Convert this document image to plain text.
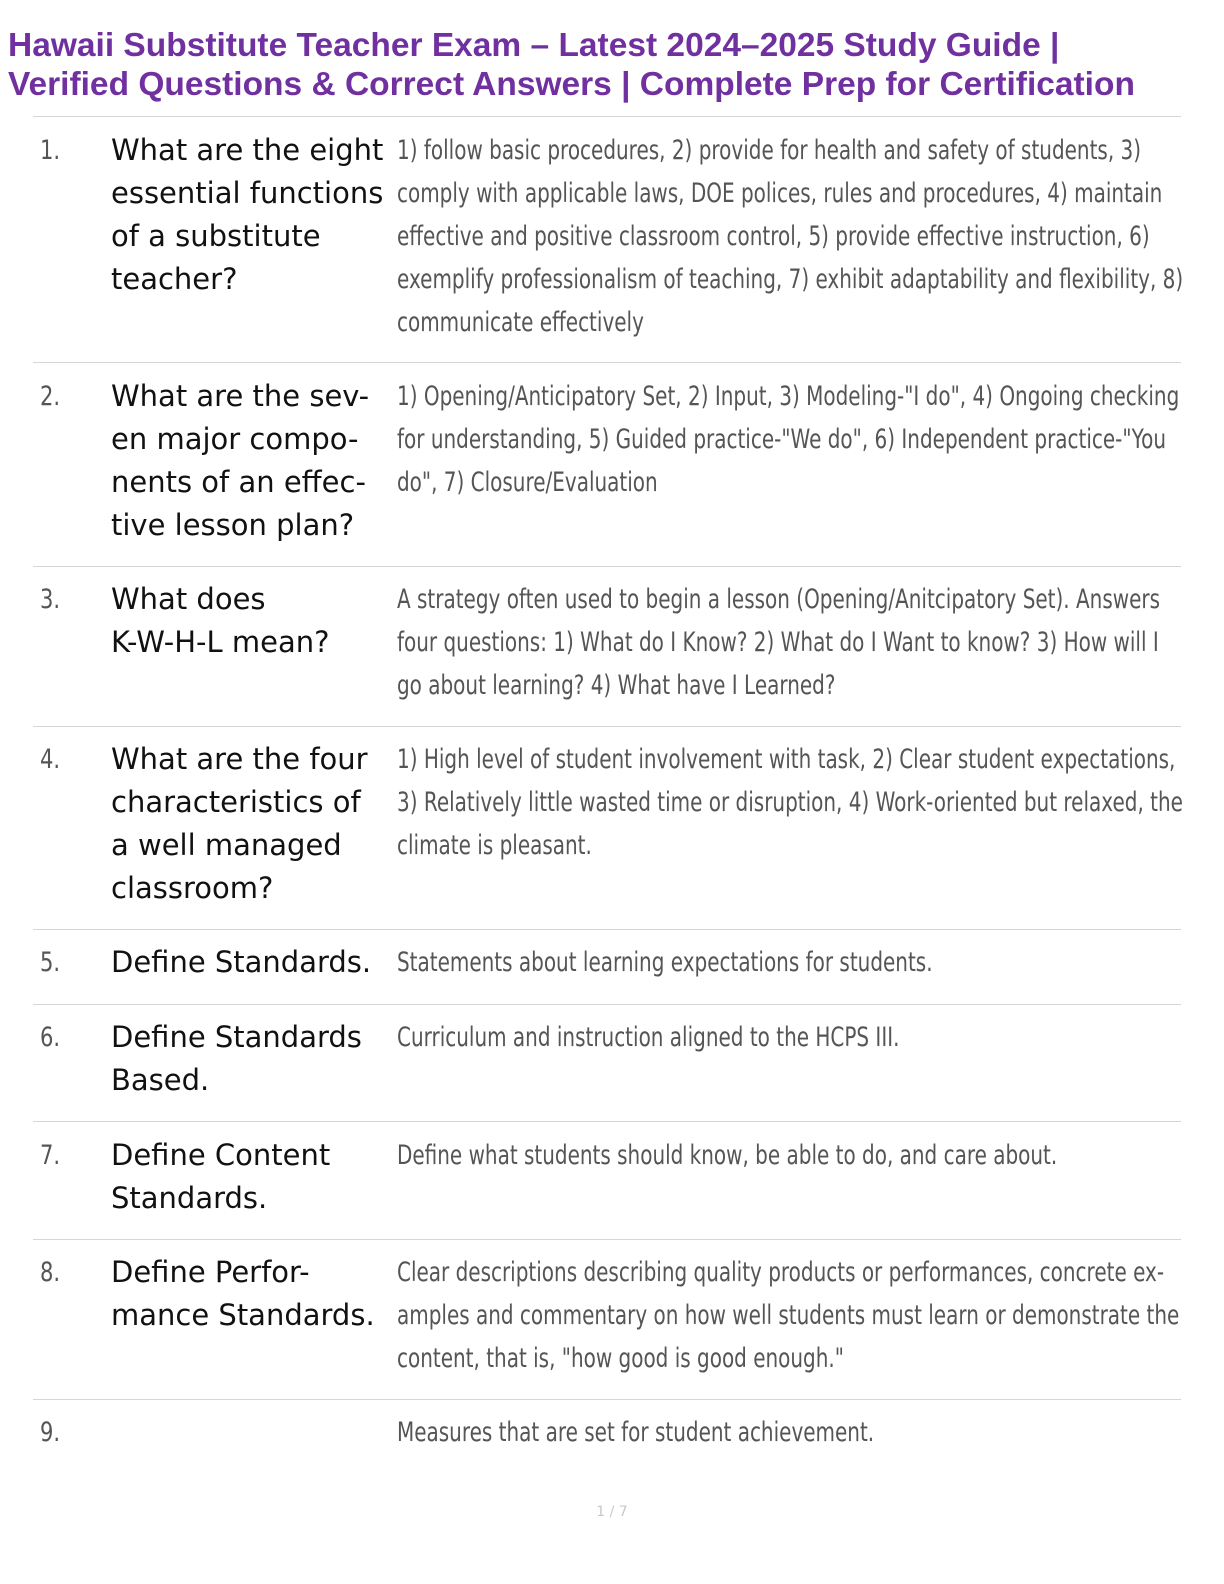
Hawaii Substitute Teacher Exam – Latest 2024–2025 Study Guide |
Verified Questions & Correct Answers | Complete Prep for Certification
1. What are the eight
essential functions
of a substitute
teacher?
1) follow basic procedures, 2) provide for health and safety of students, 3)
comply with applicable laws, DOE polices, rules and procedures, 4) maintain
effective and positive classroom control, 5) provide effective instruction, 6)
exemplify professionalism of teaching, 7) exhibit adaptability and flexibility, 8)
communicate effectively
2. What are the sev-
en major compo-
nents of an effec-
tive lesson plan?
1) Opening/Anticipatory Set, 2) Input, 3) Modeling-"I do", 4) Ongoing checking
for understanding, 5) Guided practice-"We do", 6) Independent practice-"You
do", 7) Closure/Evaluation
3. What does
K-W-H-L mean?
A strategy often used to begin a lesson (Opening/Anitcipatory Set). Answers
four questions: 1) What do I Know? 2) What do I Want to know? 3) How will I
go about learning? 4) What have I Learned?
4. What are the four
characteristics of
a well managed
classroom?
1) High level of student involvement with task, 2) Clear student expectations,
3) Relatively little wasted time or disruption, 4) Work-oriented but relaxed, the
climate is pleasant.
5. Define Standards. Statements about learning expectations for students.
6. Define Standards
Based.
Curriculum and instruction aligned to the HCPS III.
7. Define Content
Standards.
Define what students should know, be able to do, and care about.
8. Define Perfor-
mance Standards.
Clear descriptions describing quality products or performances, concrete ex-
amples and commentary on how well students must learn or demonstrate the
content, that is, "how good is good enough."
9.	Measures that are set for student achievement.
1 / 7
